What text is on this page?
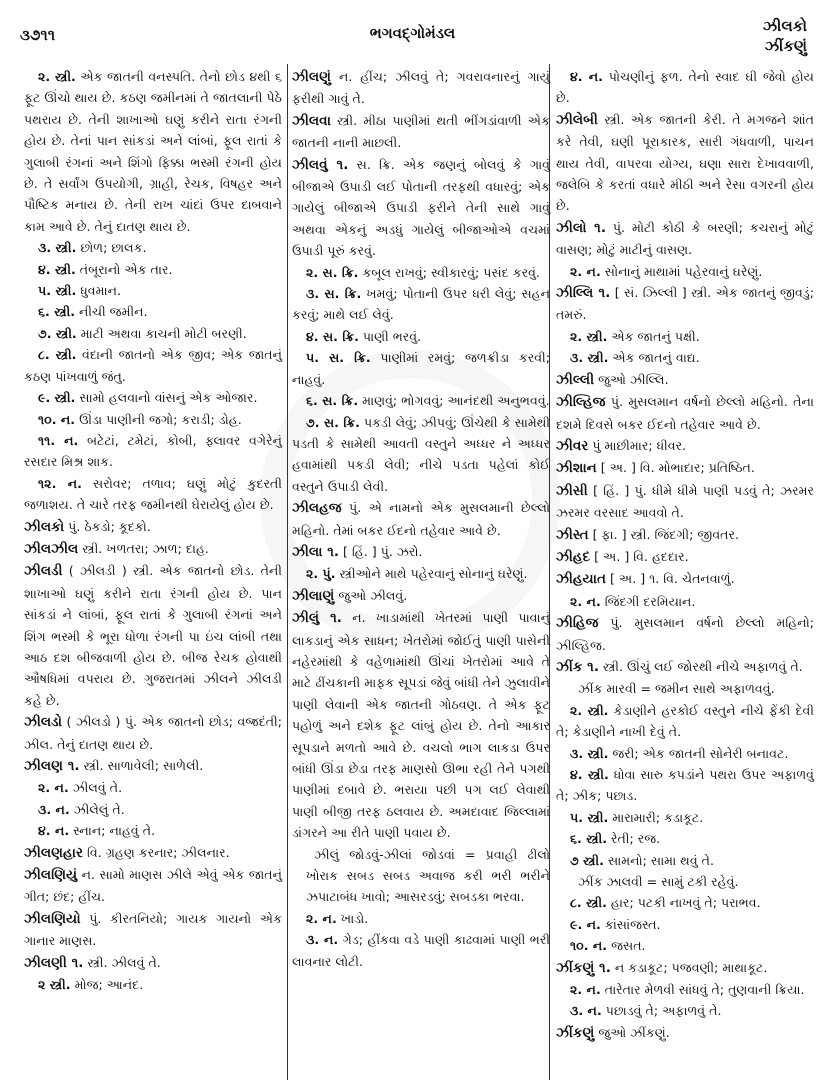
૩૭૧૧	ભગવદ્ગોમંડલ	ઝીલકો
ઝીંકણું

૨. સ્ત્રી. એક જાતની વનસ્પતિ. તેનો છોડ ૪થી ૬ ફૂટ ઊંચો થાય છે. કઠણ જમીનમાં તે જાતલાની પેઠે પથરાય છે. તેની શાખાઓ ઘણું કરીને રાતા રંગની હોય છે. તેનાં પાન સાંકડાં અને લાંબાં, ફૂલ રાતાં કે ગુલાબી રંગનાં અને શિંગો ફિક્કા ભસ્મી રંગની હોય છે. તે સર્વાંગ ઉપયોગી, ગ્રાહી, રેચક, વિષહર અને પૌષ્ટિક મનાય છે. તેની રાખ ચાંદાં ઉપર દાબવાને કામ આવે છે. તેનું દાતણ થાય છે.

૩. સ્ત્રી. છોળ; છાલક.

૪. સ્ત્રી. તંબૂરાનો એક તાર.

૫. સ્ત્રી. ધુવમાન.

૬. સ્ત્રી. નીચી જમીન.

૭. સ્ત્રી. માટી અથવા કાચની મોટી બરણી.

૮. સ્ત્રી. વંદાની જાતનો એક જીવ; એક જાતનું કઠણ પાંખવાળું જંતુ.

૯. સ્ત્રી. સામો હલવાનો વાંસનું એક ઓજાર.

૧૦. ન. ઊંડા પાણીની જગો; કરાડી; ડોહ.

૧૧. ન. બટેટાં, ટમેટાં, કોબી, ફ્લાવર વગેરેનું રસદાર મિશ્ર શાક.

૧૨. ન. સરોવર; તળાવ; ઘણું મોટું કુદરતી જળાશય. તે ચારે તરફ જમીનથી ઘેરાયેલું હોય છે.

ઝીલકો પું. ઠેકડો; કૂદકો.

ઝીલઝીલ સ્ત્રી. ખળતરા; ઝાળ; દાહ.

ઝીલડી ( ઝીલડી ) સ્ત્રી. એક જાતનો છોડ. તેની શાખાઓ ઘણું કરીને રાતા રંગની હોય છે. પાન સાંકડાં ને લાંબાં, ફૂલ રાતાં કે ગુલાબી રંગનાં અને શિંગ ભસ્મી કે ભૂરા ધોળા રંગની પા ઇંચ લાંબી તથા આઠ દશ બીજવાળી હોય છે. બીજ રેચક હોવાથી ઔષધિમાં વપરાય છે. ગુજરાતમાં ઝીલને ઝીલડી કહે છે.

ઝીલડો ( ઝીલડો ) પું. એક જાતનો છોડ; વજ્રદંતી; ઝીલ. તેનું દાતણ થાય છે.

ઝીલણ ૧. સ્ત્રી. સાળાવેલી; સાળેલી.

૨. ન. ઝીલવું તે.

૩. ન. ઝીલેલું તે.

૪. ન. સ્નાન; નાહવું તે.

ઝીલણહાર વિ. ગ્રહણ કરનાર; ઝીલનાર.

ઝીલણિયું ન. સામો માણસ ઝીલે એવું એક જાતનું ગીત; છંદ; હીંચ.

ઝીલણિયો પું. કીરતનિયો; ગાયક ગાયનો એક ગાનાર માણસ.

ઝીલણી ૧. સ્ત્રી. ઝીલવું તે.

૨ સ્ત્રી. મોજ; આનંદ.

ઝીલણું ન. હીંચ; ઝીલવું તે; ગવરાવનારનું ગાયું ફરીથી ગાવું તે.

ઝીલવા સ્ત્રી. મીઠા પાણીમાં થતી ભીંગડાંવાળી એક જાતની નાની માછલી.

ઝીલવું ૧. સ. ક્રિ. એક જણનું બોલવું કે ગાવું બીજાએ ઉપાડી લઈ પોતાની તરફથી વધારવું; એક ગાયેલું બીજાએ ઉપાડી ફરીને તેની સાથે ગાવું અથવા એકનું અડધું ગાયેલું બીજાઓએ વચમાં ઉપાડી પૂરું કરવું.

૨. સ. ક્રિ. કબૂલ રાખવું; સ્વીકારવું; પસંદ કરવું.

૩. સ. ક્રિ. ખમવું; પોતાની ઉપર ધરી લેવું; સહન કરવું; માથે લઈ લેવું.

૪. સ. ક્રિ. પાણી ભરવું.

૫. સ. ક્રિ. પાણીમાં રમવું; જળક્રીડા કરવી; નાહવું.

૬. સ. ક્રિ. માણવું; ભોગવવું; આનંદથી અનુભવવું.

૭. સ. ક્રિ. પકડી લેવું; ઝીપવું; ઊંચેથી કે સામેથી પડતી કે સામેથી આવતી વસ્તુને અધ્ધર ને અધ્ધર હવામાંથી પકડી લેવી; નીચે પડતા પહેલાં કોઈ વસ્તુને ઉપાડી લેવી.

ઝીલહજ પું. એ નામનો એક મુસલમાની છેલ્લો મહિનો. તેમાં બકર ઈદનો તહેવાર આવે છે.

ઝીલા ૧. [ હિં. ] પું. ઝરો.

૨. પું. સ્ત્રીઓને માથે પહેરવાનું સોનાનું ઘરેણું.

ઝીલાણું જુઓ ઝીલવું.

ઝીલું ૧. ન. ખાડામાંથી ખેતરમાં પાણી પાવાનું લાકડાનું એક સાધન; ખેતરોમાં જોઈતું પાણી પાસેની નહેરમાંથી કે વહેળામાંથી ઊંચાં ખેતરોમાં આવે તે માટે ઢીંચકાની માફક સૂપડાં જેવું બાંધી તેને ઝુલાવીને પાણી લેવાની એક જાતની ગોઠવણ. તે એક ફૂટ પહોળું અને દશેક ફૂટ લાંબું હોય છે. તેનો આકાર સૂપડાને મળતો આવે છે. વચલો ભાગ લાકડા ઉપર બાંધી ઊંડા છેડા તરફ માણસો ઊભા રહી તેને પગથી પાણીમાં દબાવે છે. ભરાયા પછી પગ લઈ લેવાથી પાણી બીજી તરફ ઠલવાય છે. અમદાવાદ જિલ્લામાં ડાંગરને આ રીતે પાણી પવાય છે.

ઝીલું જોડવું-ઝીલાં જોડવાં = પ્રવાહી ઢીલો ખોરાક સબડ સબડ અવાજ કરી ભરી ભરીને ઝપાટાબંધ ખાવો; આસરડવું; સબડકા ભરવા.

૨. ન. ખાડો.

૩. ન. ગેડ; હીંકવા વડે પાણી કાઢવામાં પાણી ભરી લાવનાર લોટી.

૪. ન. પોચણીનું ફળ. તેનો સ્વાદ ઘી જેવો હોય છે.

ઝીલેબી સ્ત્રી. એક જાતની કેરી. તે મગજને શાંત કરે તેવી, ઘણી પૂરાકારક, સારી ગંધવાળી, પાચન થાય તેવી, વાપરવા યોગ્ય, ઘણા સારા દેખાવવાળી, જલેબિ કે કરતાં વધારે મીઠી અને રેસા વગરની હોય છે.

ઝીલો ૧. પું. મોટી કોઠી કે બરણી; કચરાનું મોટું વાસણ; મોટું માટીનું વાસણ.

૨. ન. સોનાનું માથામાં પહેરવાનું ઘરેણું.

ઝીલ્લિ ૧. [ સં. ઝિલ્લી ] સ્ત્રી. એક જાતનું જીવડું; તમરું.

૨. સ્ત્રી. એક જાતનું પક્ષી.

૩. સ્ત્રી. એક જાતનું વાદ્ય.

ઝીલ્લી જુઓ ઝીલ્લિ.

ઝીલ્હિજ પું. મુસલમાન વર્ષનો છેલ્લો મહિનો. તેના દશમે દિવસે બકર ઈદનો તહેવાર આવે છે.

ઝીવર પું માછીમાર; ધીવર.

ઝીશાન [ અ. ] વિ. મોભાદાર; પ્રતિષ્ઠિત.

ઝીસી [ હિં. ] પું. ધીમે ધીમે પાણી પડવું તે; ઝરમર ઝરમર વરસાદ આવવો તે.

ઝીસ્ત [ ફા. ] સ્ત્રી. જિંદગી; જીવતર.

ઝીહદ [ અ. ] વિ. હદદાર.

ઝીહયાત [ અ. ] ૧. વિ. ચેતનવાળું.

૨. ન. જિંદગી દરમિયાન.

ઝીહિજ પું. મુસલમાન વર્ષનો છેલ્લો મહિનો; ઝીલ્હિજ.

ઝીંક ૧. સ્ત્રી. ઊંચું લઈ જોરથી નીચે અફાળવું તે.

ઝીંક મારવી = જમીન સાથે અફાળવવું.

૨. સ્ત્રી. કેડાણીને હરકોઈ વસ્તુને નીચે ફેંકી દેવી તે; કેડાણીને નાખી દેવું તે.

૩. સ્ત્રી. જરી; એક જાતની સોનેરી બનાવટ.

૪. સ્ત્રી. ધોવા સારુ કપડાંને પથરા ઉપર અફાળવું તે; ઝીક; પછાડ.

૫. સ્ત્રી. મારામારી; કડાકૂટ.

૬. સ્ત્રી. રેતી; રજ.

૭ સ્ત્રી. સામનો; સામા થવું તે.

ઝીંક ઝાલવી = સામું ટકી રહેવું.

૮. સ્ત્રી. હાર; પટકી નાખવું તે; પરાભવ.

૯. ન. કાંસાંજસ્ત.

૧૦. ન. જસત.

ઝીંકણું ૧. ન કડાકૂટ; પજવણી; માથાકૂટ.

૨. ન. તારેતાર મેળવી સાંધવું તે; તુણવાની ક્રિયા.

૩. ન. પછાડવું તે; અફાળવું તે.

ઝીંકણું જુઓ ઝીંકણું.
